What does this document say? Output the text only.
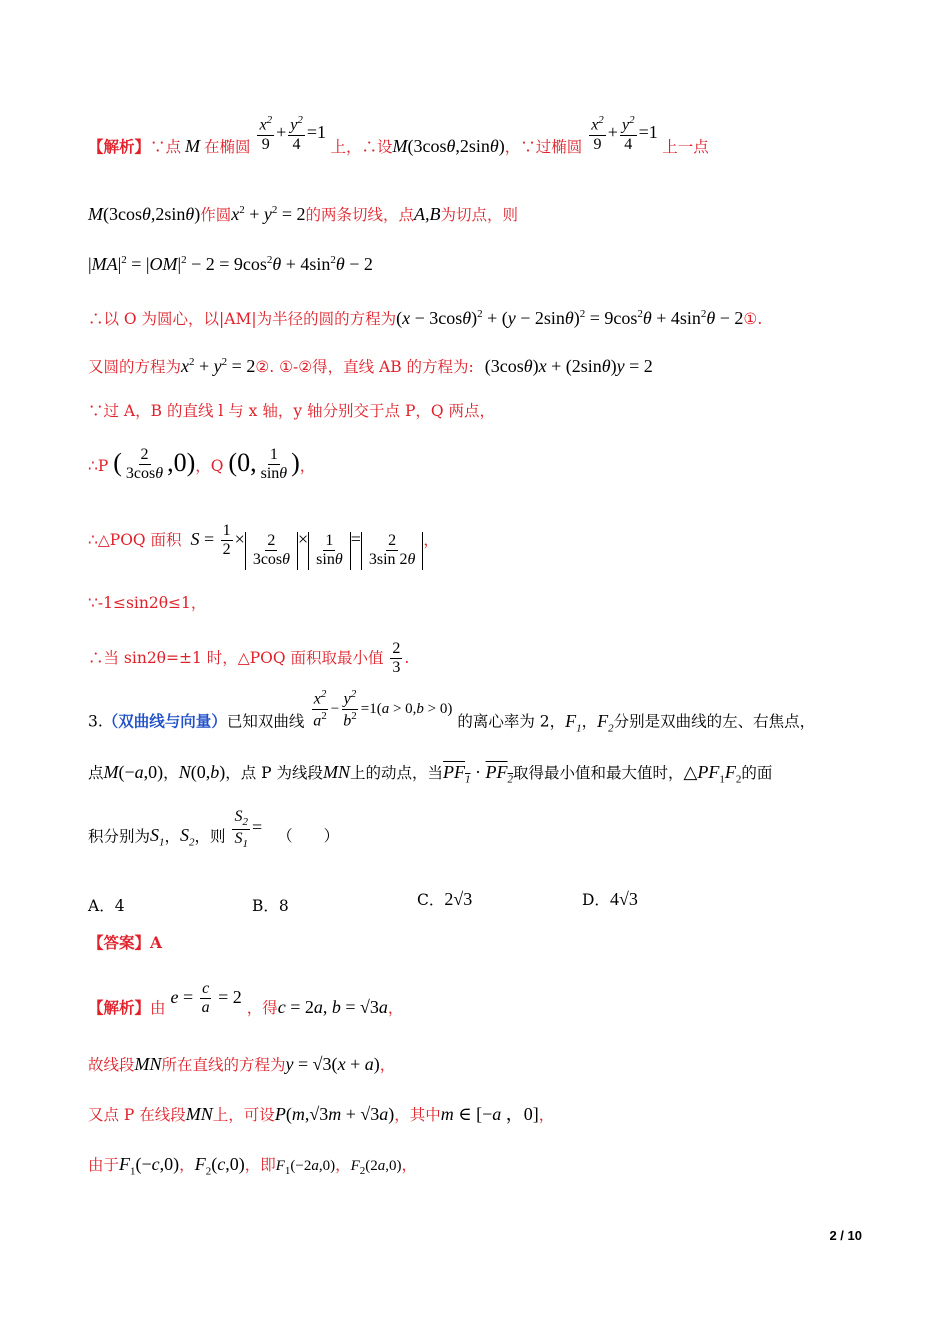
【解析】∵点 M 在椭圆 $\frac{x^2}{9} + \frac{y^2}{4} =1$ 上，∴设M(3cosθ,2sinθ)，∵过椭圆 $\frac{x^2}{9} + \frac{y^2}{4} =1$ 上一点
M(3cosθ,2sinθ)作圆$x^2 + y^2 = 2$的两条切线，点A,B为切点，则
$|MA|^2 = |OM|^2 - 2 = 9\cos^2\theta + 4\sin^2\theta - 2$
∴以 O 为圆心，以|AM|为半径的圆的方程为$(x - 3\cos\theta)^2 + (y - 2\sin\theta)^2 = 9\cos^2\theta + 4\sin^2\theta$ − 2①.
又圆的方程为$x^2 + y^2$ = 2②. ①-②得，直线 AB 的方程为: (3cosθ)x + (2sinθ)y = 2
∵过 A，B 的直线 l 与 x 轴，y 轴分别交于点 P，Q 两点，
∴P ( $\frac{2}{3\cos\theta} ,0$)，Q (0, $\frac{1}{\sin\theta}$ )，
∴△POQ 面积 $S = \frac{1}{2} \times \frac{2}{3\cos\theta} \times \frac{1}{\sin\theta} = \frac{2}{3\sin 2\theta}$ ，
∵-1≤sin2θ≤1，
∴当 sin2θ=±1 时，△POQ 面积取最小值 $\frac{2}{3}$ .
3.（双曲线与向量）已知双曲线 $\frac{x^2}{a^2} - \frac{y^2}{b^2} =1(a > 0,b > 0)$ 的离心率为 2，$F_1$，$F_2$分别是双曲线的左、右焦点，
点M(−a,0)，N(0,b)，点 P 为线段MN上的动点，当$PF_1 \cdot PF_2$取得最小值和最大值时，$\triangle PF_1F_2$的面
积分别为$S_1$，$S_2$，则 $\frac{S_2}{S_1}$ = （　　）
A．4	B．8	C．2√3	D．4√3
【答案】A
【解析】由 $e = \frac{c}{a} = 2$ ，得c = 2a, b = √3a，
故线段MN所在直线的方程为y = √3(x + a)，
又点 P 在线段MN上，可设P(m,√3m + √3a)，其中m ∈ [−a ，0]，
由于$F_1(-c,0)$，$F_2(c,0)$，即$F_1(-2a,0)$，$F_2(2a,0)$，
2 / 10
